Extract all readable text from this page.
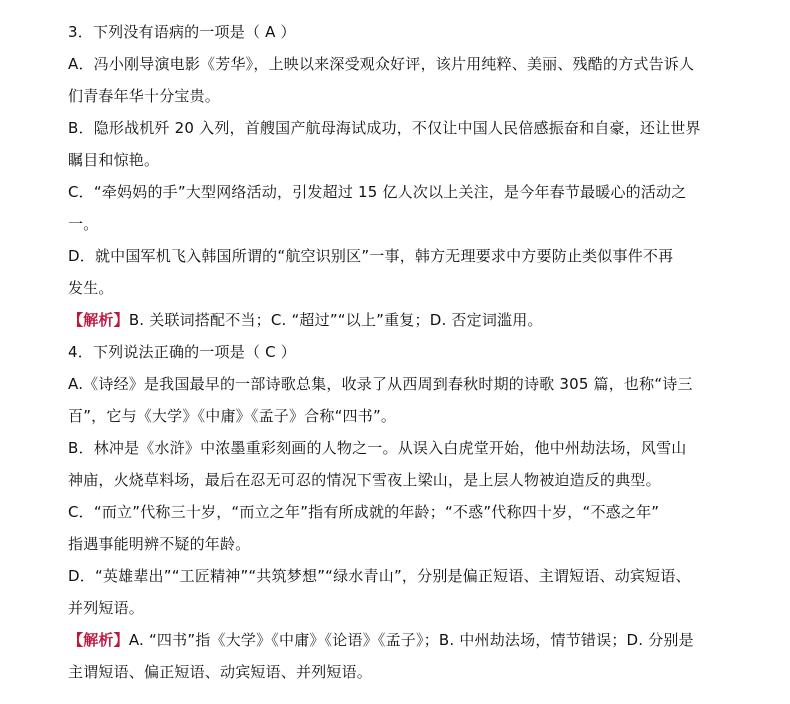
3．下列没有语病的一项是（ A ）
A．冯小刚导演电影《芳华》，上映以来深受观众好评，该片用纯粹、美丽、残酷的方式告诉人
们青春年华十分宝贵。
B．隐形战机歼 20 入列，首艘国产航母海试成功，不仅让中国人民倍感振奋和自豪，还让世界
瞩目和惊艳。
C．“牵妈妈的手”大型网络活动，引发超过 15 亿人次以上关注，是今年春节最暖心的活动之
一。
D．就中国军机飞入韩国所谓的“航空识别区”一事，韩方无理要求中方要防止类似事件不再
发生。
【解析】B. 关联词搭配不当；C. “超过”“以上”重复；D. 否定词滥用。
4．下列说法正确的一项是（ C ）
A.《诗经》是我国最早的一部诗歌总集，收录了从西周到春秋时期的诗歌 305 篇，也称“诗三
百”，它与《大学》《中庸》《孟子》合称“四书”。
B．林冲是《水浒》中浓墨重彩刻画的人物之一。从误入白虎堂开始，他中州劫法场，风雪山
神庙，火烧草料场，最后在忍无可忍的情况下雪夜上梁山，是上层人物被迫造反的典型。
C．“而立”代称三十岁，“而立之年”指有所成就的年龄；“不惑”代称四十岁，“不惑之年”
指遇事能明辨不疑的年龄。
D．“英雄辈出”“工匠精神”“共筑梦想”“绿水青山”，分别是偏正短语、主谓短语、动宾短语、
并列短语。
【解析】A. “四书”指《大学》《中庸》《论语》《孟子》；B. 中州劫法场，情节错误；D. 分别是
主谓短语、偏正短语、动宾短语、并列短语。
